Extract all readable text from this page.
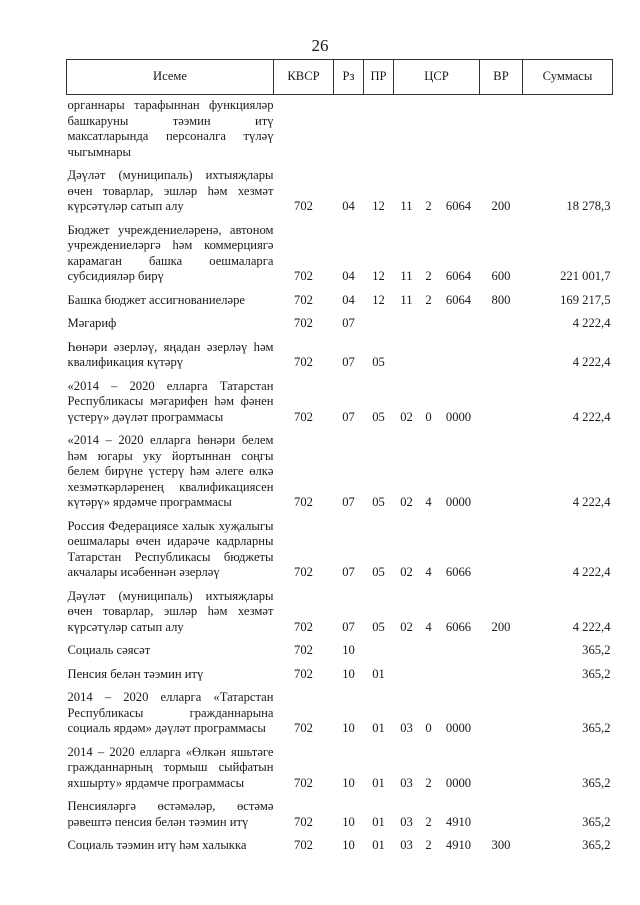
26
Исеме	КВСР	Рз	ПР	ЦСР			ВР	Суммасы
органнары тарафыннан функцияләр башкаруны тәэмин итү максатларында персоналга түләү чыгымнары								
Дәүләт (муниципаль) ихтыяҗлары өчен товарлар, эшләр һәм хезмәт күрсәтүләр сатып алу	702	04	12	11	2	6064	200	18 278,3
Бюджет учреждениеләренә, автоном учреждениеләргә һәм коммерциягә карамаган башка оешмаларга субсидияләр бирү	702	04	12	11	2	6064	600	221 001,7
Башка бюджет ассигнованиеләре	702	04	12	11	2	6064	800	169 217,5
Мәгариф	702	07						4 222,4
Һөнәри әзерләү, яңадан әзерләү һәм квалификация күтәрү	702	07	05					4 222,4
«2014 – 2020 елларга Татарстан Республикасы мәгарифен һәм фәнен үстерү» дәүләт программасы	702	07	05	02	0	0000		4 222,4
«2014 – 2020 елларга һөнәри белем һәм югары уку йортыннан соңгы белем бирүне үстерү һәм әлеге өлкә хезмәткәрләренең квалификациясен күтәрү» ярдәмче программасы	702	07	05	02	4	0000		4 222,4
Россия Федерациясе халык хуҗалыгы оешмалары өчен идарәче кадрларны Татарстан Республикасы бюджеты акчалары исәбеннән әзерләү	702	07	05	02	4	6066		4 222,4
Дәүләт (муниципаль) ихтыяҗлары өчен товарлар, эшләр һәм хезмәт күрсәтүләр сатып алу	702	07	05	02	4	6066	200	4 222,4
Социаль сәясәт	702	10						365,2
Пенсия белән тәэмин итү	702	10	01					365,2
2014 – 2020 елларга «Татарстан Республикасы гражданнарына социаль ярдәм» дәүләт программасы	702	10	01	03	0	0000		365,2
2014 – 2020 елларга «Өлкән яшьтәге гражданнарның тормыш сыйфатын яхшырту» ярдәмче программасы	702	10	01	03	2	0000		365,2
Пенсияләргә өстәмәләр, өстәмә рәвештә пенсия белән тәэмин итү	702	10	01	03	2	4910		365,2
Социаль тәэмин итү һәм халыкка	702	10	01	03	2	4910	300	365,2
